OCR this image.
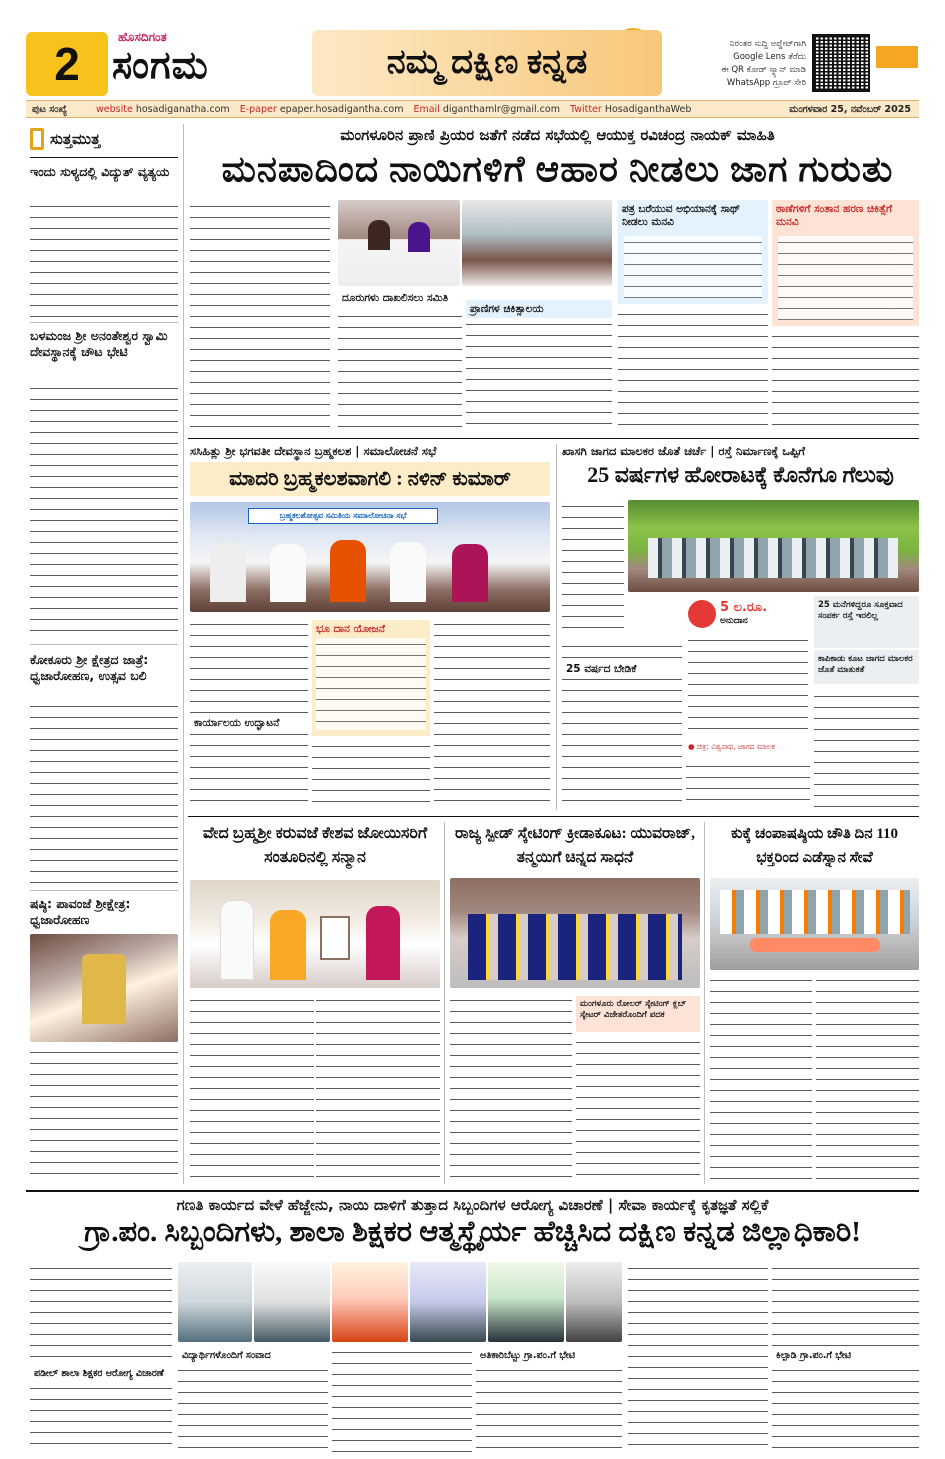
2
ಹೊಸದಿಗಂತ
ಸಂಗಮ	ನಮ್ಮ ದಕ್ಷಿಣ ಕನ್ನಡ	ನಿರಂತರ ಸುದ್ದಿ ಅಪ್ಡೇಟ್‌ಗಾಗಿ
Google Lens ತೆರೆದು
ಈ QR ಕೋಡ್ ಸ್ಕ್ಯಾನ್ ಮಾಡಿ
WhatsApp ಗ್ರೂಪ್ ಸೇರಿ
ಪುಟ ಸಂಖ್ಯೆ	website hosadiganatha.com E-paper epaper.hosadigantha.com Email diganthamlr@gmail.com Twitter HosadiganthaWeb	ಮಂಗಳವಾರ 25, ನವೆಂಬರ್ 2025
ಸುತ್ತಮುತ್ತ
ಇಂದು ಸುಳ್ಯದಲ್ಲಿ ವಿದ್ಯುತ್ ವ್ಯತ್ಯಯ
ಬಳಮಂಜ ಶ್ರೀ ಅನಂತೇಶ್ವರ ಸ್ವಾಮಿ ದೇವಸ್ಥಾನಕ್ಕೆ ಚೌಟ ಭೇಟಿ
ಕೋಕೂರು ಶ್ರೀ ಕ್ಷೇತ್ರದ ಜಾತ್ರೆ: ಧ್ವಜಾರೋಹಣ, ಉತ್ಸವ ಬಲಿ
ಷಷ್ಠಿ: ಪಾವಂಜೆ ಶ್ರೀಕ್ಷೇತ್ರ: ಧ್ವಜಾರೋಹಣ
ಮಂಗಳೂರಿನ ಪ್ರಾಣಿ ಪ್ರಿಯರ ಜತೆಗೆ ನಡೆದ ಸಭೆಯಲ್ಲಿ ಆಯುಕ್ತ ರವಿಚಂದ್ರ ನಾಯಕ್ ಮಾಹಿತಿ
ಮನಪಾದಿಂದ ನಾಯಿಗಳಿಗೆ ಆಹಾರ ನೀಡಲು ಜಾಗ ಗುರುತು
ದೂರುಗಳು ದಾಖಲಿಸಲು ಸಮಿತಿ
ಪ್ರಾಣಿಗಳ ಚಿಕಿತ್ಸಾಲಯ
ಪತ್ರ ಬರೆಯುವ ಅಭಿಯಾನಕ್ಕೆ ಸಾಥ್ ನೀಡಲು ಮನವಿ
ಠಾಣೆಗಳಿಗೆ ಸಂತಾನ ಹರಣ ಚಿಕಿತ್ಸೆಗೆ ಮನವಿ
ಸಸಿಹಿತ್ಲು ಶ್ರೀ ಭಗವತೀ ದೇವಸ್ಥಾನ ಬ್ರಹ್ಮಕಲಶ | ಸಮಾಲೋಚನೆ ಸಭೆ
ಮಾದರಿ ಬ್ರಹ್ಮಕಲಶವಾಗಲಿ : ನಳಿನ್ ಕುಮಾರ್
ಬ್ರಹ್ಮಕಲಶೋತ್ಸವ ಸಮಿತಿಯ ಸಮಾಲೋಚನಾ ಸಭೆ
ಭೂ ದಾನ ಯೋಜನೆ
ಕಾರ್ಯಾಲಯ ಉದ್ಘಾಟನೆ
ಖಾಸಗಿ ಜಾಗದ ಮಾಲಕರ ಜೊತೆ ಚರ್ಚೆ | ರಸ್ತೆ ನಿರ್ಮಾಣಕ್ಕೆ ಒಪ್ಪಿಗೆ
25 ವರ್ಷಗಳ ಹೋರಾಟಕ್ಕೆ ಕೊನೆಗೂ ಗೆಲುವು
25 ವರ್ಷದ ಬೇಡಿಕೆ
5 ಲ.ರೂ.
ಅನುದಾನ
● ಚಿತ್ರ: ವಿಶ್ವನಾಥ, ಜಾಗದ ಮಾಲಕ
25 ಮನೆಗಳಿದ್ದರೂ ಸೂಕ್ತವಾದ ಸಂಪರ್ಕ ರಸ್ತೆ ಇರಲಿಲ್ಲ
ಕಾಪಿಕಾಡು ಕೂಟ ಜಾಗದ ಮಾಲಕರ ಜೊತೆ ಮಾತುಕತೆ
ವೇದ ಬ್ರಹ್ಮಶ್ರೀ ಕರುವಜೆ ಕೇಶವ ಜೋಯಿಸರಿಗೆ ಸಂತೂರಿನಲ್ಲಿ ಸನ್ಮಾನ
ರಾಜ್ಯ ಸ್ಪೀಡ್ ಸ್ಕೇಟಿಂಗ್ ಕ್ರೀಡಾಕೂಟ: ಯುವರಾಜ್, ತನ್ಮಯಿಗೆ ಚಿನ್ನದ ಸಾಧನೆ
ಮಂಗಳೂರು ರೋಲರ್ ಸ್ಕೇಟಿಂಗ್ ಕ್ಲಬ್ ಸ್ಕೇಟರ್ ವಿಜೇತರೊಂದಿಗೆ ಪದಕ
ಕುಕ್ಕೆ ಚಂಪಾಷಷ್ಠಿಯ ಚೌತಿ ದಿನ 110 ಭಕ್ತರಿಂದ ಎಡೆಸ್ನಾನ ಸೇವೆ
ಗಣತಿ ಕಾರ್ಯದ ವೇಳೆ ಹೆಜ್ಜೇನು, ನಾಯಿ ದಾಳಿಗೆ ತುತ್ತಾದ ಸಿಬ್ಬಂದಿಗಳ ಆರೋಗ್ಯ ವಿಚಾರಣೆ | ಸೇವಾ ಕಾರ್ಯಕ್ಕೆ ಕೃತಜ್ಞತೆ ಸಲ್ಲಿಕೆ
ಗ್ರಾ.ಪಂ. ಸಿಬ್ಬಂದಿಗಳು, ಶಾಲಾ ಶಿಕ್ಷಕರ ಆತ್ಮಸ್ಥೈರ್ಯ ಹೆಚ್ಚಿಸಿದ ದಕ್ಷಿಣ ಕನ್ನಡ ಜಿಲ್ಲಾಧಿಕಾರಿ!
ಪಡೀಲ್ ಶಾಲಾ ಶಿಕ್ಷಕರ ಆರೋಗ್ಯ ವಿಚಾರಣೆ
ವಿದ್ಯಾರ್ಥಿಗಳೊಂದಿಗೆ ಸಂವಾದ	ಅತಿಕಾರಿಬೆಟ್ಟು ಗ್ರಾ.ಪಂ.ಗೆ ಭೇಟಿ	ಕಿಲ್ಪಾಡಿ ಗ್ರಾ.ಪಂ.ಗೆ ಭೇಟಿ
